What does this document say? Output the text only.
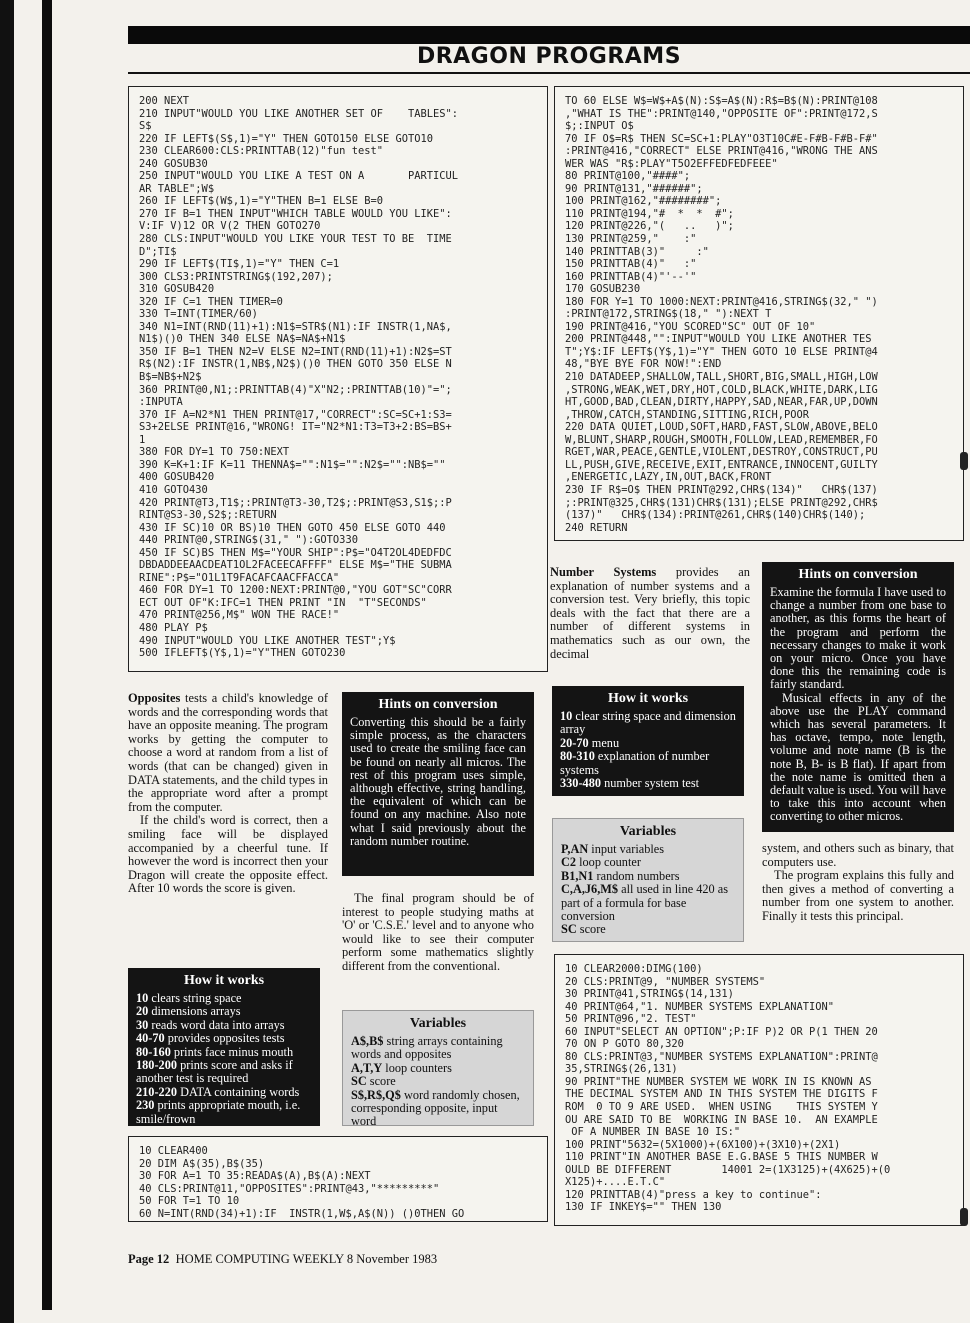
DRAGON PROGRAMS
200 NEXT
210 INPUT"WOULD YOU LIKE ANOTHER SET OF    TABLES":
S$
220 IF LEFT$(S$,1)="Y" THEN GOTO150 ELSE GOTO10
230 CLEAR600:CLS:PRINTTAB(12)"fun test"
240 GOSUB30
250 INPUT"WOULD YOU LIKE A TEST ON A       PARTICUL
AR TABLE";W$
260 IF LEFT$(W$,1)="Y"THEN B=1 ELSE B=0
270 IF B=1 THEN INPUT"WHICH TABLE WOULD YOU LIKE":
V:IF V)12 OR V(2 THEN GOTO270
280 CLS:INPUT"WOULD YOU LIKE YOUR TEST TO BE  TIME
D";TI$
290 IF LEFT$(TI$,1)="Y" THEN C=1
300 CLS3:PRINTSTRING$(192,207);
310 GOSUB420
320 IF C=1 THEN TIMER=0
330 T=INT(TIMER/60)
340 N1=INT(RND(11)+1):N1$=STR$(N1):IF INSTR(1,NA$,
N1$)()0 THEN 340 ELSE NA$=NA$+N1$
350 IF B=1 THEN N2=V ELSE N2=INT(RND(11)+1):N2$=ST
R$(N2):IF INSTR(1,NB$,N2$)()0 THEN GOTO 350 ELSE N
B$=NB$+N2$
360 PRINT@0,N1;:PRINTTAB(4)"X"N2;:PRINTTAB(10)"=";
:INPUTA
370 IF A=N2*N1 THEN PRINT@17,"CORRECT":SC=SC+1:S3=
S3+2ELSE PRINT@16,"WRONG! IT="N2*N1:T3=T3+2:BS=BS+
1
380 FOR DY=1 TO 750:NEXT
390 K=K+1:IF K=11 THENNA$="":N1$="":N2$="":NB$=""
400 GOSUB420
410 GOTO430
420 PRINT@T3,T1$;:PRINT@T3-30,T2$;:PRINT@S3,S1$;:P
RINT@S3-30,S2$;:RETURN
430 IF SC)10 OR BS)10 THEN GOTO 450 ELSE GOTO 440
440 PRINT@0,STRING$(31," "):GOTO330
450 IF SC)BS THEN M$="YOUR SHIP":P$="O4T2OL4DEDFDC
DBDADDEEAACDEAT1OL2FACEECAFFFF" ELSE M$="THE SUBMA
RINE":P$="O1L1T9FACAFCAACFFACCA"
460 FOR DY=1 TO 1200:NEXT:PRINT@0,"YOU GOT"SC"CORR
ECT OUT OF"K:IFC=1 THEN PRINT "IN  "T"SECONDS"
470 PRINT@256,M$" WON THE RACE!"
480 PLAY P$
490 INPUT"WOULD YOU LIKE ANOTHER TEST";Y$
500 IFLEFT$(Y$,1)="Y"THEN GOTO230
TO 60 ELSE W$=W$+A$(N):S$=A$(N):R$=B$(N):PRINT@108
,"WHAT IS THE":PRINT@140,"OPPOSITE OF":PRINT@172,S
$;:INPUT O$
70 IF O$=R$ THEN SC=SC+1:PLAY"O3T10C#E-F#B-F#B-F#"
:PRINT@416,"CORRECT" ELSE PRINT@416,"WRONG THE ANS
WER WAS "R$:PLAY"T5O2EFFEDFEDFEEE"
80 PRINT@100,"####";
90 PRINT@131,"######";
100 PRINT@162,"########";
110 PRINT@194,"#  *  *  #";
120 PRINT@226,"(   ..   )";
130 PRINT@259,"    :"
140 PRINTTAB(3)"     :"
150 PRINTTAB(4)"   :"
160 PRINTTAB(4)"'--'"
170 GOSUB230
180 FOR Y=1 TO 1000:NEXT:PRINT@416,STRING$(32," ")
:PRINT@172,STRING$(18," "):NEXT T
190 PRINT@416,"YOU SCORED"SC" OUT OF 10"
200 PRINT@448,"":INPUT"WOULD YOU LIKE ANOTHER TES
T";Y$:IF LEFT$(Y$,1)="Y" THEN GOTO 10 ELSE PRINT@4
48,"BYE BYE FOR NOW!":END
210 DATADEEP,SHALLOW,TALL,SHORT,BIG,SMALL,HIGH,LOW
,STRONG,WEAK,WET,DRY,HOT,COLD,BLACK,WHITE,DARK,LIG
HT,GOOD,BAD,CLEAN,DIRTY,HAPPY,SAD,NEAR,FAR,UP,DOWN
,THROW,CATCH,STANDING,SITTING,RICH,POOR
220 DATA QUIET,LOUD,SOFT,HARD,FAST,SLOW,ABOVE,BELO
W,BLUNT,SHARP,ROUGH,SMOOTH,FOLLOW,LEAD,REMEMBER,FO
RGET,WAR,PEACE,GENTLE,VIOLENT,DESTROY,CONSTRUCT,PU
LL,PUSH,GIVE,RECEIVE,EXIT,ENTRANCE,INNOCENT,GUILTY
,ENERGETIC,LAZY,IN,OUT,BACK,FRONT
230 IF R$=O$ THEN PRINT@292,CHR$(134)"   CHR$(137)
;:PRINT@325,CHR$(131)CHR$(131);ELSE PRINT@292,CHR$
(137)"   CHR$(134):PRINT@261,CHR$(140)CHR$(140);
240 RETURN

Opposites tests a child's knowledge of words and the corresponding words that have an opposite meaning. The program works by getting the computer to choose a word at random from a list of words (that can be changed) given in DATA statements, and the child types in the appropriate word after a prompt from the computer.

If the child's word is correct, then a smiling face will be displayed accompanied by a cheerful tune. If however the word is incorrect then your Dragon will create the opposite effect. After 10 words the score is given.

How it works
10 clears string space
20 dimensions arrays
30 reads word data into arrays
40-70 provides opposites tests
80-160 prints face minus mouth
180-200 prints score and asks if another test is required
210-220 DATA containing words
230 prints appropriate mouth, i.e. smile/frown
Hints on conversion
Converting this should be a fairly simple process, as the characters used to create the smiling face can be found on nearly all micros. The rest of this program uses simple, although effective, string handling, the equivalent of which can be found on any machine. Also note what I said previously about the random number routine.

The final program should be of interest to people studying maths at 'O' or 'C.S.E.' level and to anyone who would like to see their computer perform some mathematics slightly different from the conventional.

Variables
A$,B$ string arrays containing words and opposites
A,T,Y loop counters
SC score
S$,R$,Q$ word randomly chosen, corresponding opposite, input word
10 CLEAR400
20 DIM A$(35),B$(35)
30 FOR A=1 TO 35:READA$(A),B$(A):NEXT
40 CLS:PRINT@11,"OPPOSITES":PRINT@43,"*********"
50 FOR T=1 TO 10
60 N=INT(RND(34)+1):IF  INSTR(1,W$,A$(N)) ()0THEN GO

Number Systems provides an explanation of number systems and a conversion test. Very briefly, this topic deals with the fact that there are a number of different systems in mathematics such as our own, the decimal

How it works
10 clear string space and dimension array
20-70 menu
80-310 explanation of number systems
330-480 number system test
Variables
P,AN input variables
C2 loop counter
B1,N1 random numbers
C,A,J6,M$ all used in line 420 as part of a formula for base conversion
SC score
Hints on conversion
Examine the formula I have used to change a number from one base to another, as this forms the heart of the program and perform the necessary changes to make it work on your micro. Once you have done this the remaining code is fairly standard.
Musical effects in any of the above use the PLAY command which has several parameters. It has octave, tempo, note length, volume and note name (B is the note B, B- is B flat). If apart from the note name is omitted then a default value is used. You will have to take this into account when converting to other micros.

system, and others such as binary, that computers use.

The program explains this fully and then gives a method of converting a number from one system to another. Finally it tests this principal.

10 CLEAR2000:DIMG(100)
20 CLS:PRINT@9, "NUMBER SYSTEMS"
30 PRINT@41,STRING$(14,131)
40 PRINT@64,"1. NUMBER SYSTEMS EXPLANATION"
50 PRINT@96,"2. TEST"
60 INPUT"SELECT AN OPTION";P:IF P)2 OR P(1 THEN 20
70 ON P GOTO 80,320
80 CLS:PRINT@3,"NUMBER SYSTEMS EXPLANATION":PRINT@
35,STRING$(26,131)
90 PRINT"THE NUMBER SYSTEM WE WORK IN IS KNOWN AS
THE DECIMAL SYSTEM AND IN THIS SYSTEM THE DIGITS F
ROM  0 TO 9 ARE USED.  WHEN USING    THIS SYSTEM Y
OU ARE SAID TO BE  WORKING IN BASE 10.  AN EXAMPLE
OF A NUMBER IN BASE 10 IS:"
100 PRINT"5632=(5X1000)+(6X100)+(3X10)+(2X1)
110 PRINT"IN ANOTHER BASE E.G.BASE 5 THIS NUMBER W
OULD BE DIFFERENT        14001 2=(1X3125)+(4X625)+(0
X125)+....E.T.C"
120 PRINTTAB(4)"press a key to continue":
130 IF INKEY$="" THEN 130
Page 12 HOME COMPUTING WEEKLY 8 November 1983
